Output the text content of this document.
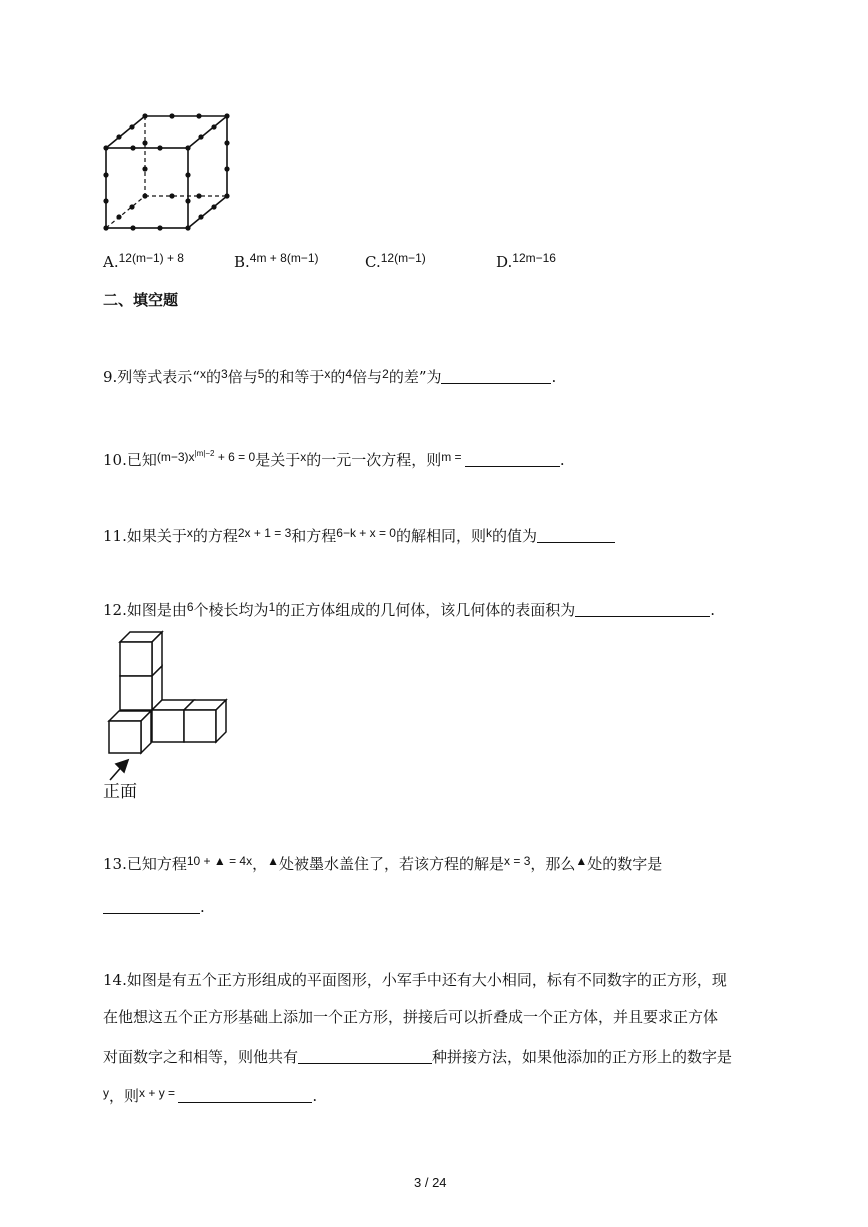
A.$^{12(m-1) + 8}$	B.$^{4m + 8(m-1)}$	C.$^{12(m-1)}$	D.$^{12m-16}$
二、填空题
9.列等式表示“$^x$的$^3$倍与$^5$的和等于$^x$的$^4$倍与$^2$的差”为	.
10.已知$^{(m-3)x|m|-2}$ $^{+ 6 = 0}$是关于$^x$的一元一次方程，则$^{m =}$	.
11.如果关于$^x$的方程$^{2x + 1 = 3}$和方程$^{6-k + x = 0}$的解相同，则$^k$的值为
12.如图是由$^6$个棱长均为$^1$的正方体组成的几何体，该几何体的表面积为	.
正面
13.已知方程$^{10 + ▲ = 4x}$，▲处被墨水盖住了，若该方程的解是$^{x = 3}$，那么▲处的数字是
.
14.如图是有五个正方形组成的平面图形，小军手中还有大小相同，标有不同数字的正方形，现
在他想这五个正方形基础上添加一个正方形，拼接后可以折叠成一个正方体，并且要求正方体
对面数字之和相等，则他共有	种拼接方法，如果他添加的正方形上的数字是
$^y$，则$^{x + y =}$	.
3 / 24
